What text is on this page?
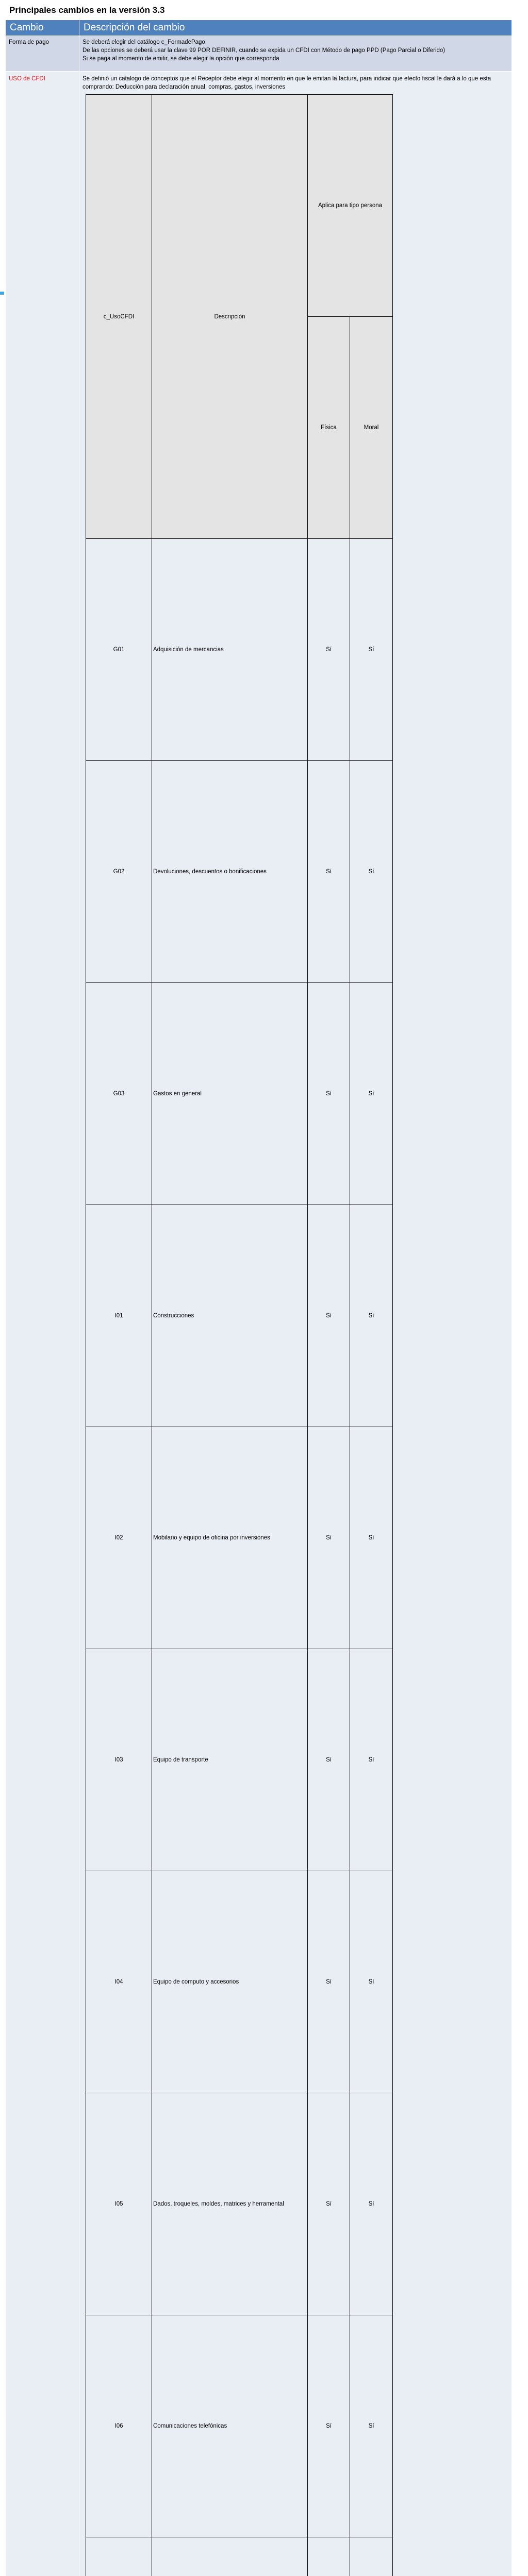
Principales cambios en la versión 3.3
Cambio	Descripción del cambio
Forma de pago	Se deberá elegir del catálogo c_FormadePago.
De las opciones se deberá usar la clave 99 POR DEFINIR, cuando se expida un CFDI con Método de pago PPD (Pago Parcial o Diferido)
Si se paga al momento de emitir, se debe elegir la opción que corresponda

USO de CFDI	Se definió un catalogo de conceptos que el Receptor debe elegir al momento en que le emitan la factura, para indicar que efecto fiscal le dará a lo que esta comprando: Deducción para declaración anual, compras, gastos, inversiones
c_UsoCFDI	Descripción	Aplica para tipo persona
Física	Moral
G01	Adquisición de mercancias	Sí	Sí
G02	Devoluciones, descuentos o bonificaciones	Sí	Sí
G03	Gastos en general	Sí	Sí
I01	Construcciones	Sí	Sí
I02	Mobilario y equipo de oficina por inversiones	Sí	Sí
I03	Equipo de transporte	Sí	Sí
I04	Equipo de computo y accesorios	Sí	Sí
I05	Dados, troqueles, moldes, matrices y herramental	Sí	Sí
I06	Comunicaciones telefónicas	Sí	Sí
